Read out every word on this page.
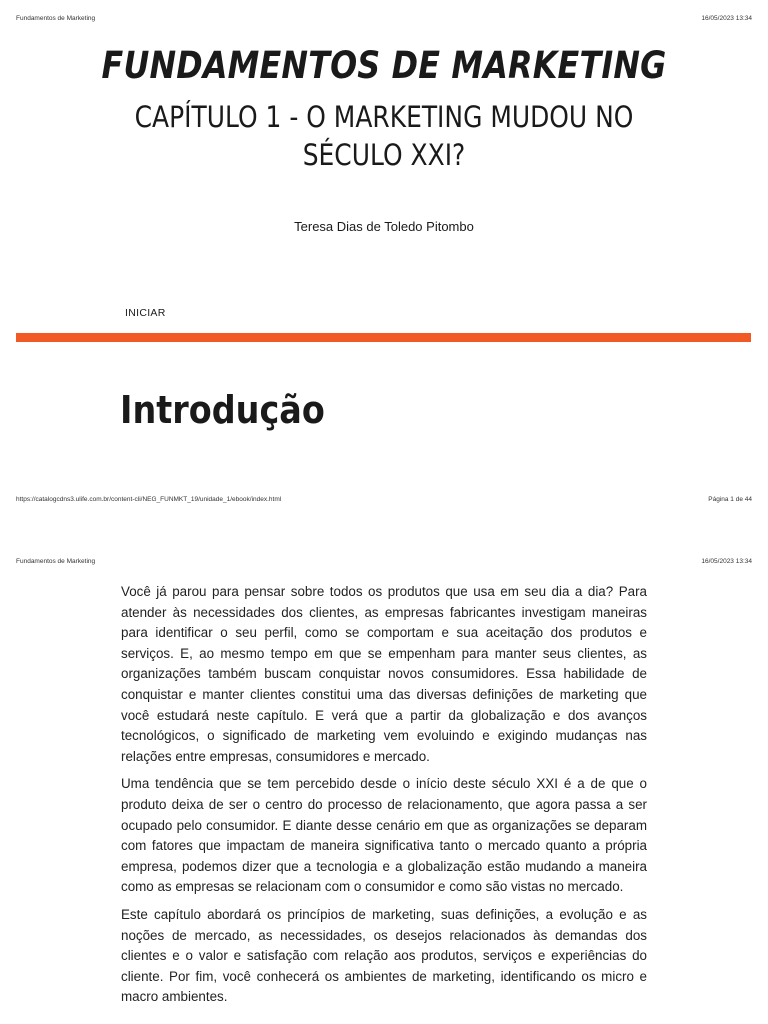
Fundamentos de Marketing	16/05/2023 13:34
FUNDAMENTOS DE MARKETING
CAPÍTULO 1 - O MARKETING MUDOU NO
SÉCULO XXI?
Teresa Dias de Toledo Pitombo
INICIAR
Introdução
https://catalogcdns3.ulife.com.br/content-cli/NEG_FUNMKT_19/unidade_1/ebook/index.html	Página 1 de 44
Fundamentos de Marketing	16/05/2023 13:34

Você já parou para pensar sobre todos os produtos que usa em seu dia a dia? Para atender às necessidades dos clientes, as empresas fabricantes investigam maneiras para identificar o seu perfil, como se comportam e sua aceitação dos produtos e serviços. E, ao mesmo tempo em que se empenham para manter seus clientes, as organizações também buscam conquistar novos consumidores. Essa habilidade de conquistar e manter clientes constitui uma das diversas definições de marketing que você estudará neste capítulo. E verá que a partir da globalização e dos avanços tecnológicos, o significado de marketing vem evoluindo e exigindo mudanças nas relações entre empresas, consumidores e mercado.

Uma tendência que se tem percebido desde o início deste século XXI é a de que o produto deixa de ser o centro do processo de relacionamento, que agora passa a ser ocupado pelo consumidor. E diante desse cenário em que as organizações se deparam com fatores que impactam de maneira significativa tanto o mercado quanto a própria empresa, podemos dizer que a tecnologia e a globalização estão mudando a maneira como as empresas se relacionam com o consumidor e como são vistas no mercado.

Este capítulo abordará os princípios de marketing, suas definições, a evolução e as noções de mercado, as necessidades, os desejos relacionados às demandas dos clientes e o valor e satisfação com relação aos produtos, serviços e experiências do cliente. Por fim, você conhecerá os ambientes de marketing, identificando os micro e macro ambientes.
